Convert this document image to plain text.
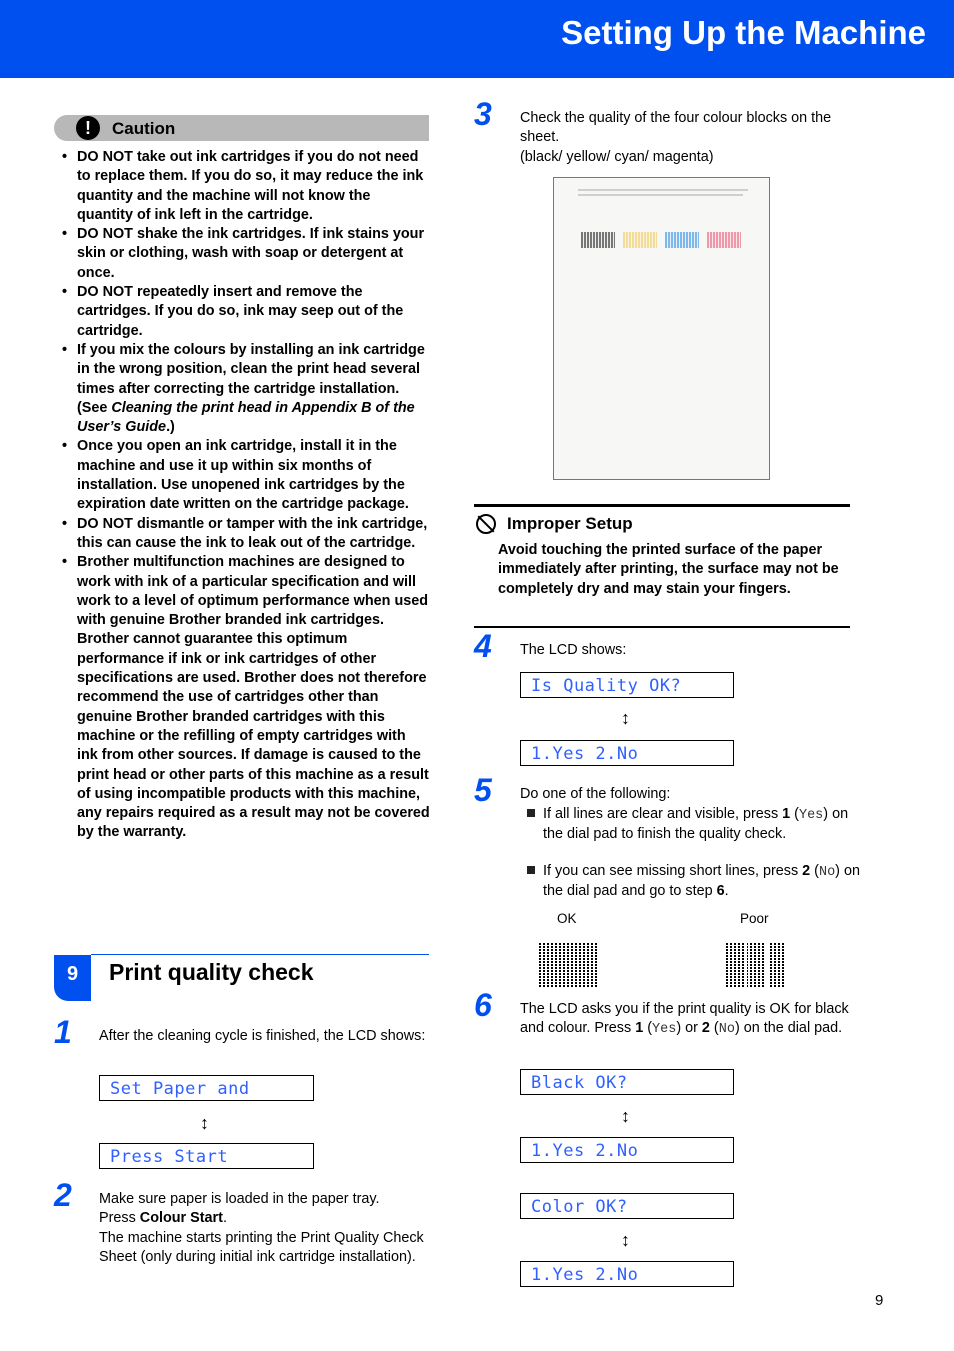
Setting Up the Machine
!	Caution
• DO NOT take out ink cartridges if you do not need to replace them. If you do so, it may reduce the ink quantity and the machine will not know the quantity of ink left in the cartridge.
• DO NOT shake the ink cartridges. If ink stains your skin or clothing, wash with soap or detergent at once.
• DO NOT repeatedly insert and remove the cartridges. If you do so, ink may seep out of the cartridge.
• If you mix the colours by installing an ink cartridge in the wrong position, clean the print head several times after correcting the cartridge installation. (See Cleaning the print head in Appendix B of the User’s Guide.)
• Once you open an ink cartridge, install it in the machine and use it up within six months of installation. Use unopened ink cartridges by the expiration date written on the cartridge package.
• DO NOT dismantle or tamper with the ink cartridge, this can cause the ink to leak out of the cartridge.
• Brother multifunction machines are designed to work with ink of a particular specification and will work to a level of optimum performance when used with genuine Brother branded ink cartridges. Brother cannot guarantee this optimum performance if ink or ink cartridges of other specifications are used. Brother does not therefore recommend the use of cartridges other than genuine Brother branded cartridges with this machine or the refilling of empty cartridges with ink from other sources. If damage is caused to the print head or other parts of this machine as a result of using incompatible products with this machine, any repairs required as a result may not be covered by the warranty.
9	Print quality check
1 After the cleaning cycle is finished, the LCD shows:
Set Paper and
↕
Press Start
2 Make sure paper is loaded in the paper tray.
Press Colour Start.
The machine starts printing the Print Quality Check Sheet (only during initial ink cartridge installation).
3 Check the quality of the four colour blocks on the sheet.
(black/ yellow/ cyan/ magenta)
Improper Setup
Avoid touching the printed surface of the paper immediately after printing, the surface may not be completely dry and may stain your fingers.
4 The LCD shows:
Is Quality OK?
↕
1.Yes 2.No
5 Do one of the following:
If all lines are clear and visible, press 1 (Yes) on the dial pad to finish the quality check.
If you can see missing short lines, press 2 (No) on the dial pad and go to step 6.
OK	Poor
6 The LCD asks you if the print quality is OK for black and colour. Press 1 (Yes) or 2 (No) on the dial pad.
Black OK?
↕
1.Yes 2.No
Color OK?
↕
1.Yes 2.No
9
